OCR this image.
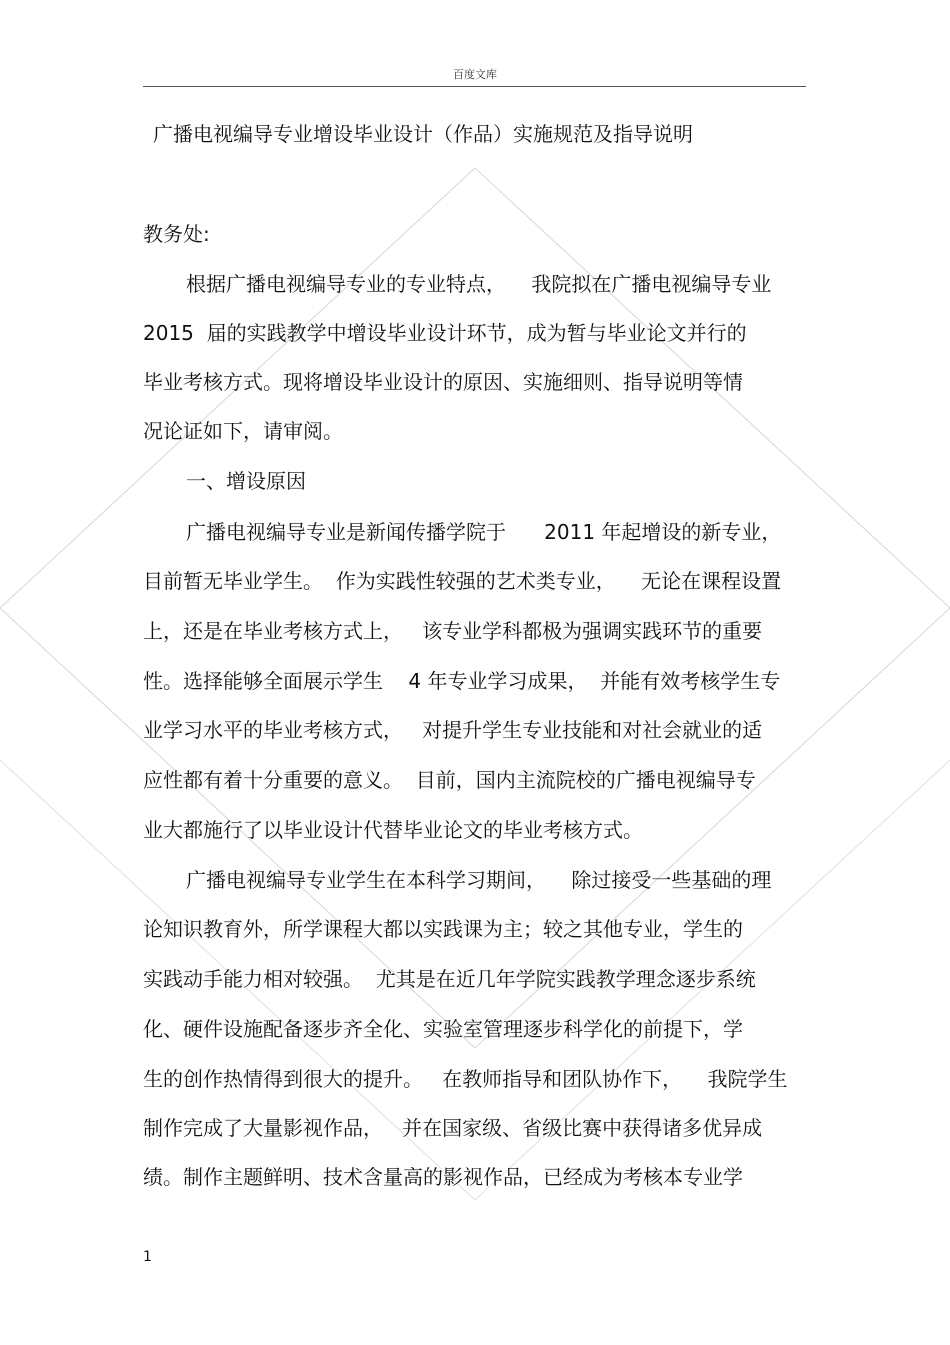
百度文库
广播电视编导专业增设毕业设计（作品）实施规范及指导说明
教务处:
根据广播电视编导专业的专业特点，    我院拟在广播电视编导专业
2015  届的实践教学中增设毕业设计环节，成为暂与毕业论文并行的
毕业考核方式。现将增设毕业设计的原因、实施细则、指导说明等情
况论证如下，请审阅。
一、增设原因
广播电视编导专业是新闻传播学院于      2011 年起增设的新专业，
目前暂无毕业学生。  作为实践性较强的艺术类专业，    无论在课程设置
上，还是在毕业考核方式上，   该专业学科都极为强调实践环节的重要
性。选择能够全面展示学生    4 年专业学习成果，  并能有效考核学生专
业学习水平的毕业考核方式，   对提升学生专业技能和对社会就业的适
应性都有着十分重要的意义。  目前，国内主流院校的广播电视编导专
业大都施行了以毕业设计代替毕业论文的毕业考核方式。
广播电视编导专业学生在本科学习期间，    除过接受一些基础的理
论知识教育外，所学课程大都以实践课为主；较之其他专业，学生的
实践动手能力相对较强。  尤其是在近几年学院实践教学理念逐步系统
化、硬件设施配备逐步齐全化、实验室管理逐步科学化的前提下，学
生的创作热情得到很大的提升。   在教师指导和团队协作下，    我院学生
制作完成了大量影视作品，   并在国家级、省级比赛中获得诸多优异成
绩。制作主题鲜明、技术含量高的影视作品，已经成为考核本专业学
1
